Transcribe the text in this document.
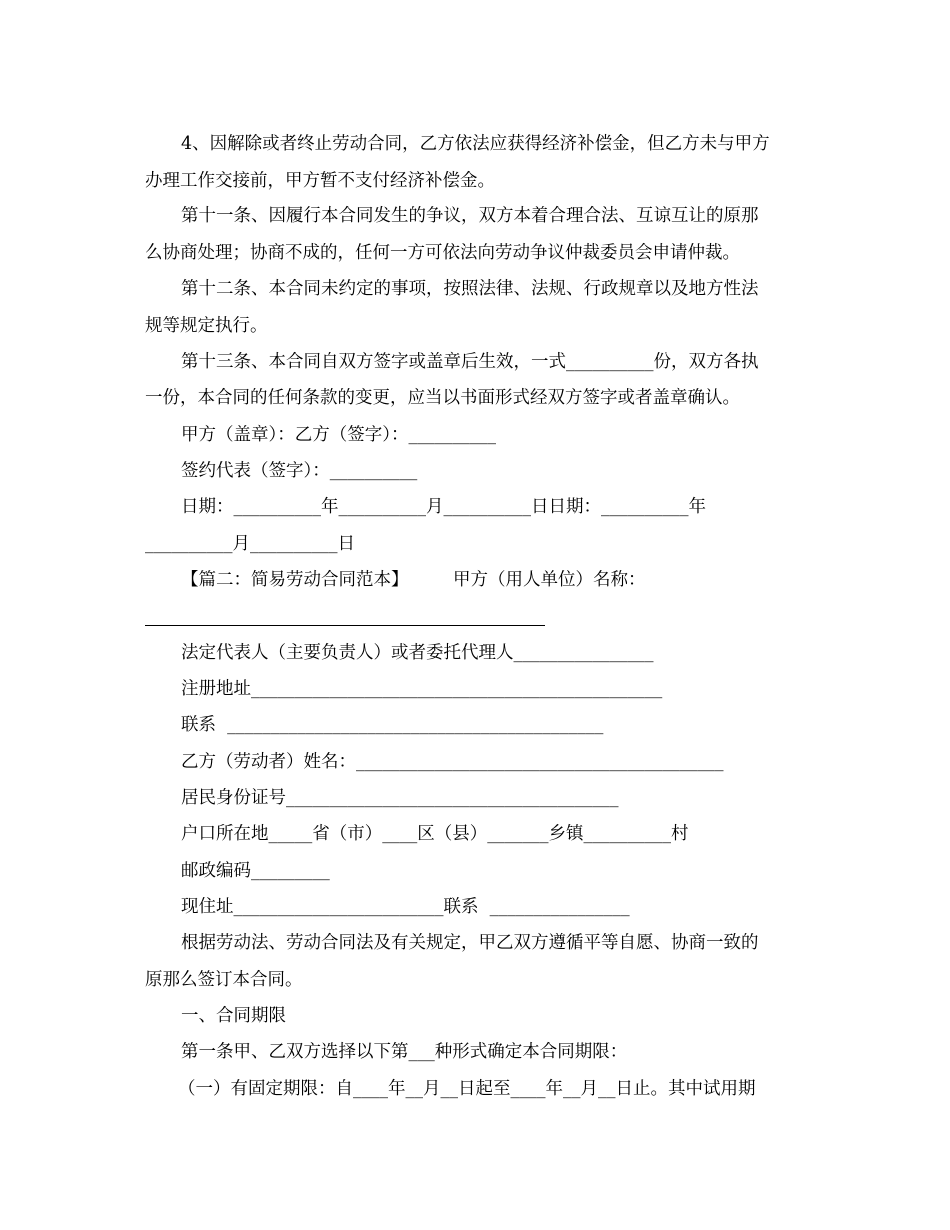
4、因解除或者终止劳动合同，乙方依法应获得经济补偿金，但乙方未与甲方
办理工作交接前，甲方暂不支付经济补偿金。
第十一条、因履行本合同发生的争议，双方本着合理合法、互谅互让的原那
么协商处理；协商不成的，任何一方可依法向劳动争议仲裁委员会申请仲裁。
第十二条、本合同未约定的事项，按照法律、法规、行政规章以及地方性法
规等规定执行。
第十三条、本合同自双方签字或盖章后生效，一式__________份，双方各执
一份，本合同的任何条款的变更，应当以书面形式经双方签字或者盖章确认。
甲方（盖章）：乙方（签字）：__________
签约代表（签字）：__________
日期：__________年__________月__________日日期：__________年
__________月__________日
【篇二：简易劳动合同范本】        甲方（用人单位）名称：
法定代表人（主要负责人）或者委托代理人________________
注册地址_______________________________________________
联系  ___________________________________________
乙方（劳动者）姓名：__________________________________________
居民身份证号______________________________________
户口所在地_____省（市）____区（县）_______乡镇__________村
邮政编码_________
现住址________________________联系  ________________
根据劳动法、劳动合同法及有关规定，甲乙双方遵循平等自愿、协商一致的
原那么签订本合同。
一、合同期限
第一条甲、乙双方选择以下第___种形式确定本合同期限：
（一）有固定期限：自____年__月__日起至____年__月__日止。其中试用期
